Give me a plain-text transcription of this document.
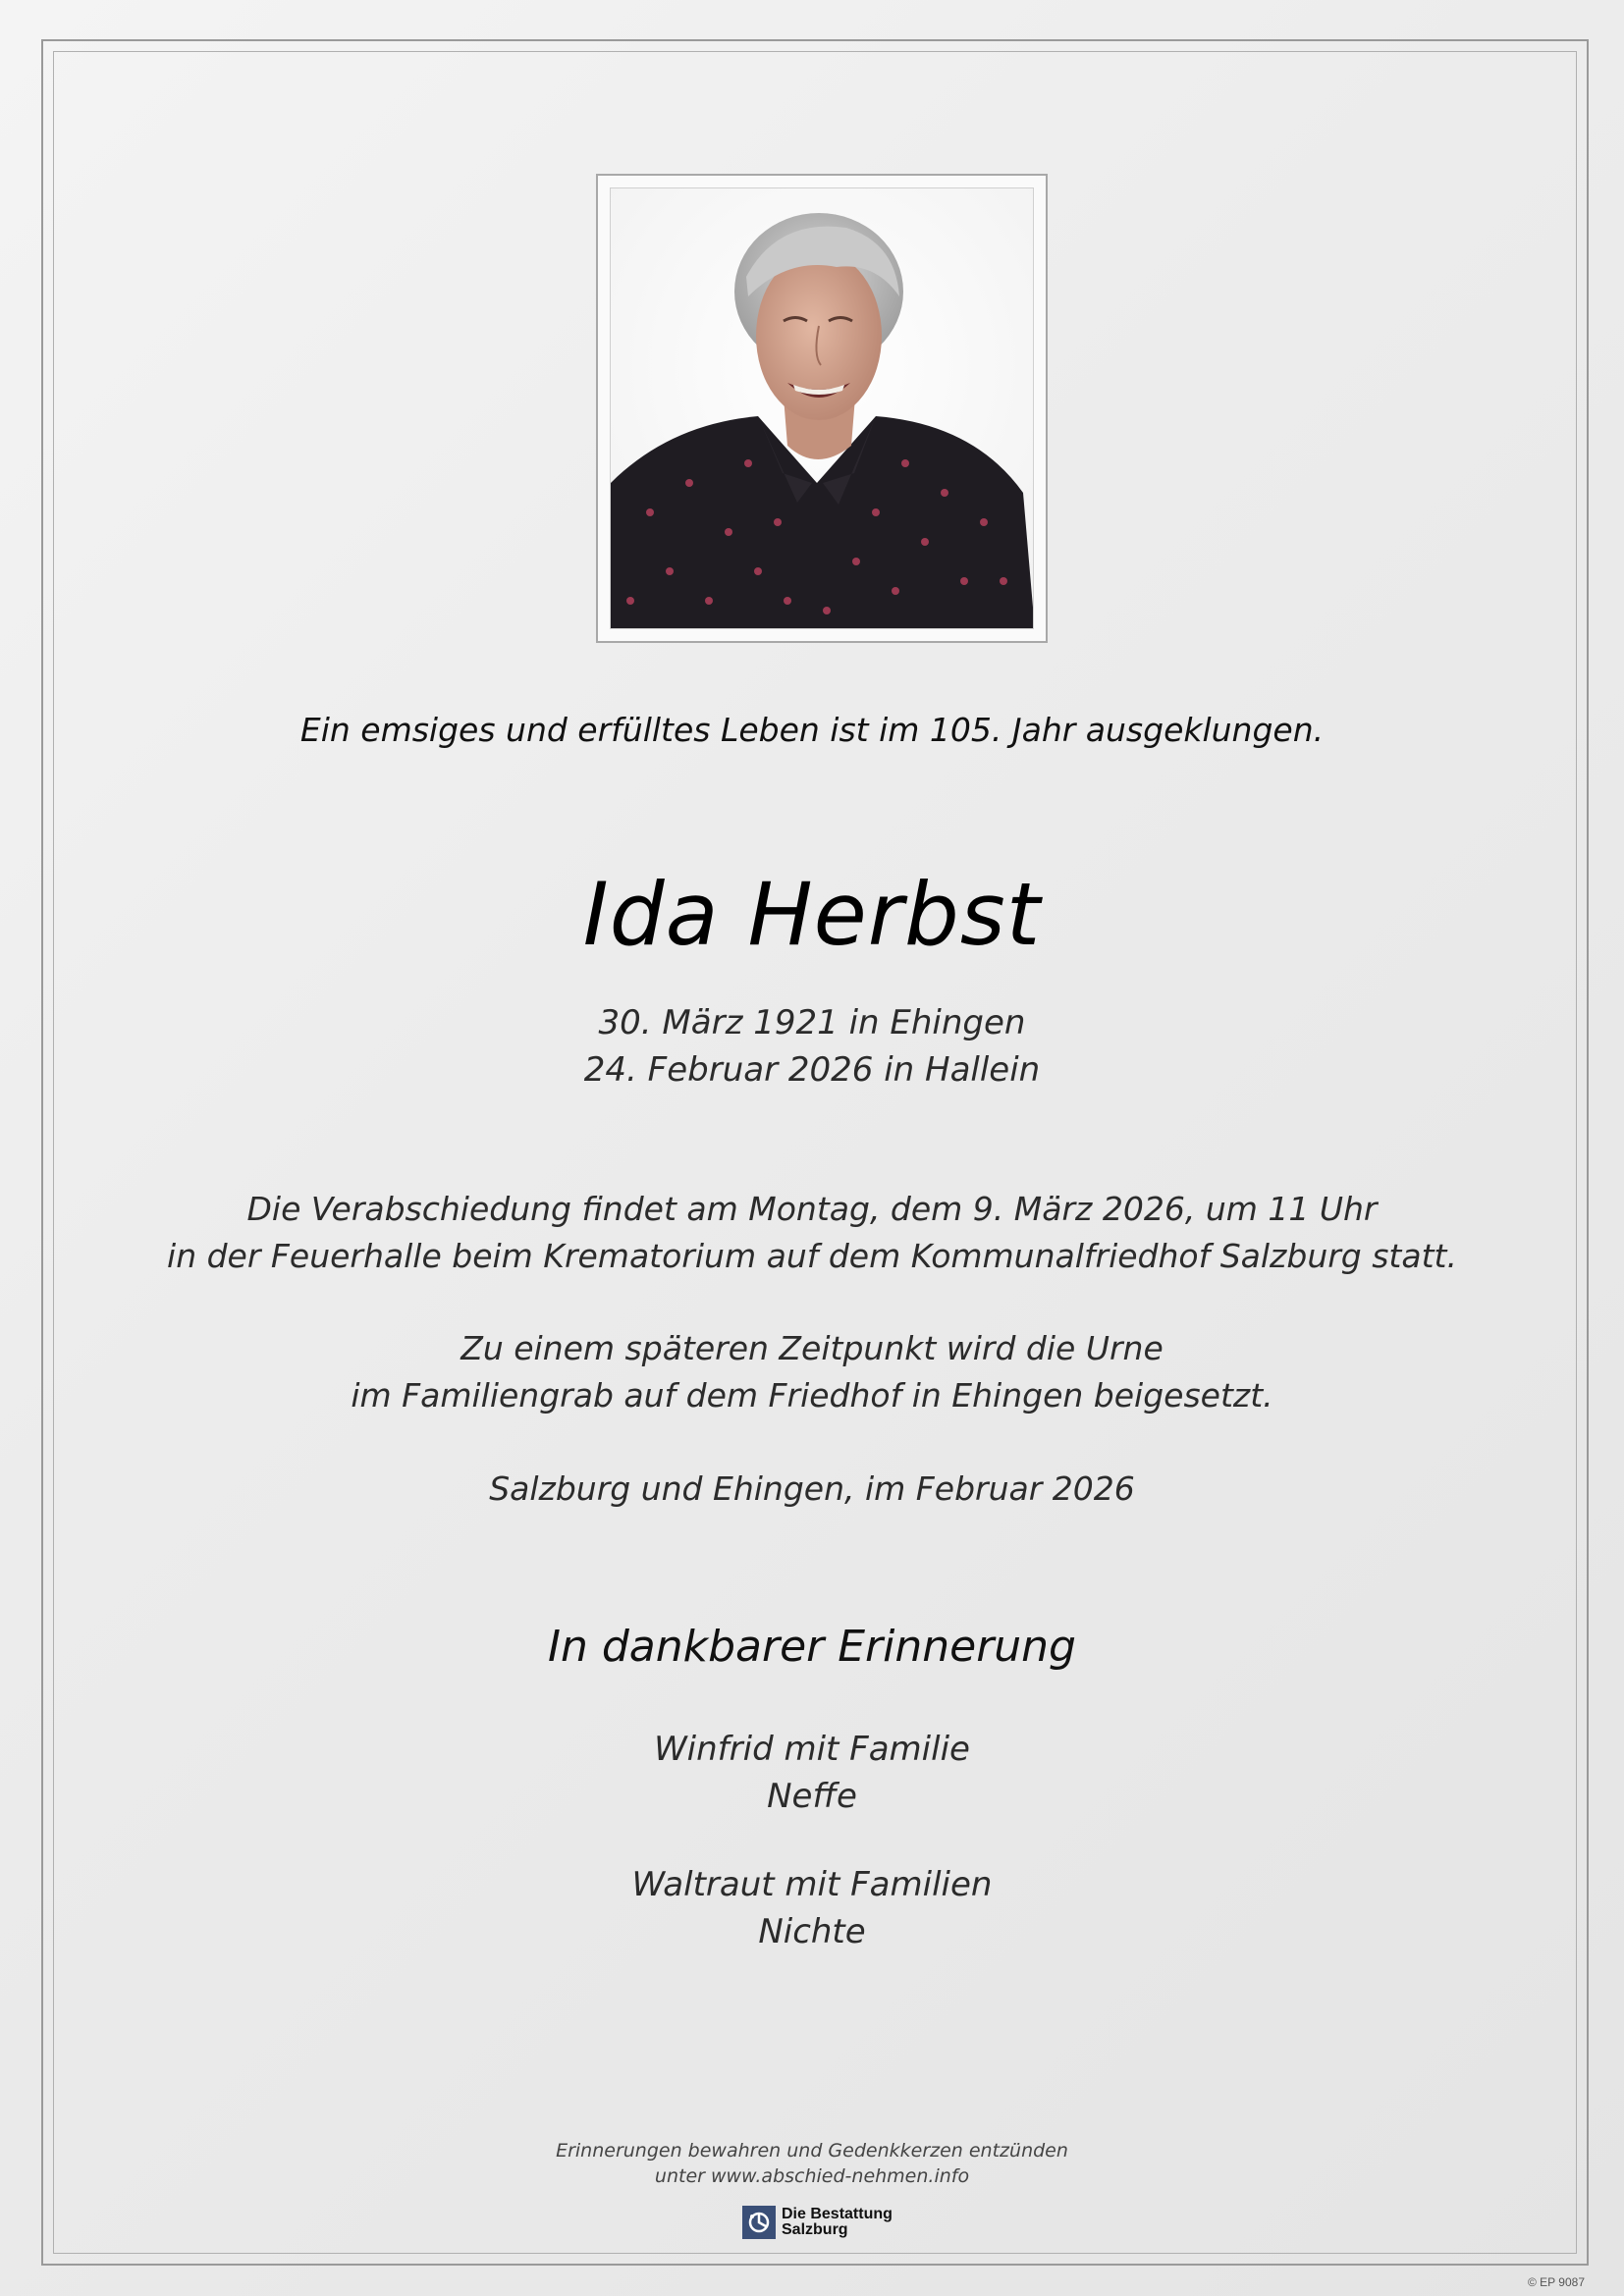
Ein emsiges und erfülltes Leben ist im 105. Jahr ausgeklungen.
Ida Herbst
30. März 1921 in Ehingen
24. Februar 2026 in Hallein
Die Verabschiedung findet am Montag, dem 9. März 2026, um 11 Uhr
in der Feuerhalle beim Krematorium auf dem Kommunalfriedhof Salzburg statt.
Zu einem späteren Zeitpunkt wird die Urne
im Familiengrab auf dem Friedhof in Ehingen beigesetzt.
Salzburg und Ehingen, im Februar 2026
In dankbarer Erinnerung
Winfrid mit Familie
Neffe
Waltraut mit Familien
Nichte
Erinnerungen bewahren und Gedenkkerzen entzünden
unter www.abschied-nehmen.info
Die Bestattung
Salzburg
© EP 9087
